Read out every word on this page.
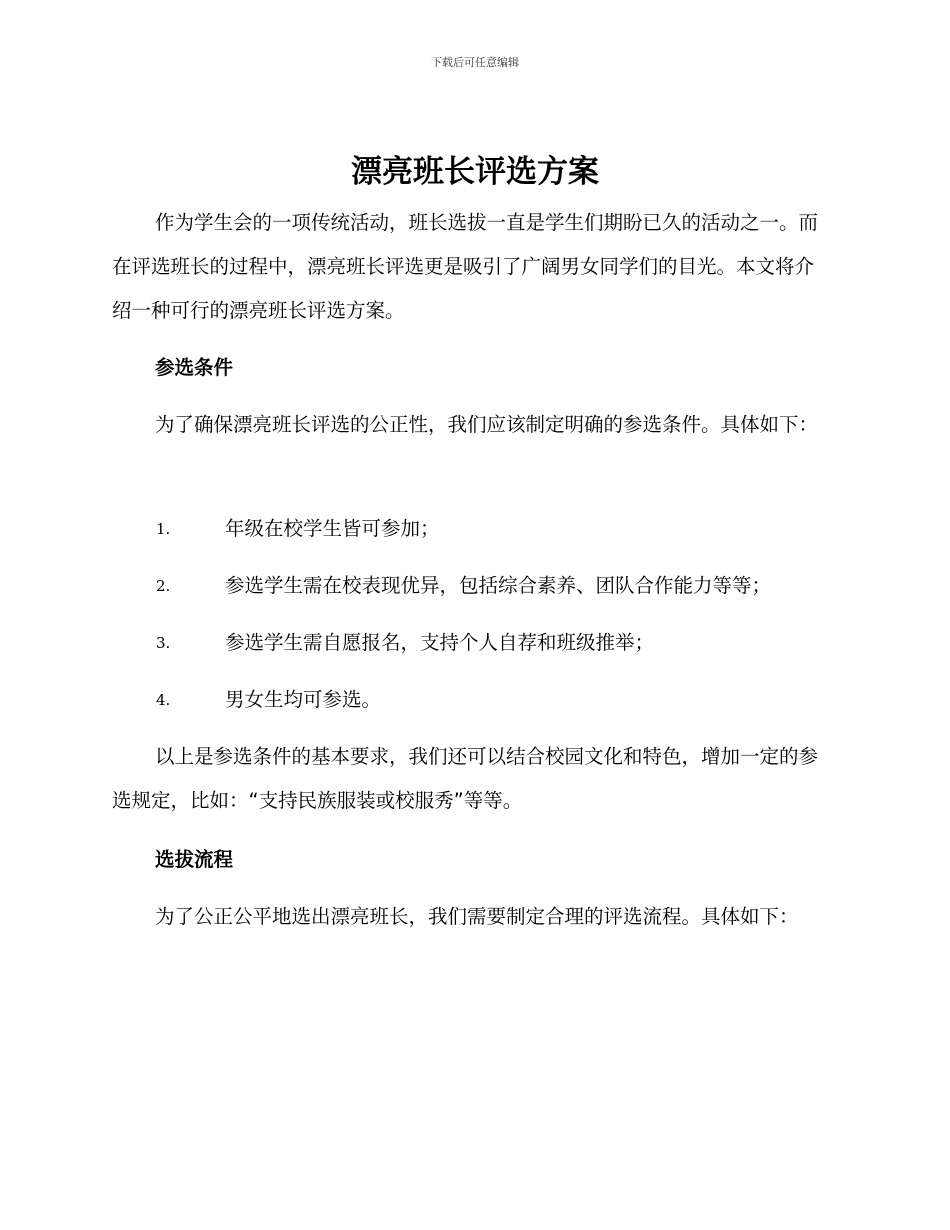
下载后可任意编辑
漂亮班长评选方案

作为学生会的一项传统活动，班长选拔一直是学生们期盼已久的活动之一。而在评选班长的过程中，漂亮班长评选更是吸引了广阔男女同学们的目光。本文将介绍一种可行的漂亮班长评选方案。

参选条件

为了确保漂亮班长评选的公正性，我们应该制定明确的参选条件。具体如下：

1.	年级在校学生皆可参加；
2.	参选学生需在校表现优异，包括综合素养、团队合作能力等等；
3.	参选学生需自愿报名，支持个人自荐和班级推举；
4.	男女生均可参选。

以上是参选条件的基本要求，我们还可以结合校园文化和特色，增加一定的参选规定，比如：“支持民族服装或校服秀”等等。

选拔流程

为了公正公平地选出漂亮班长，我们需要制定合理的评选流程。具体如下：
